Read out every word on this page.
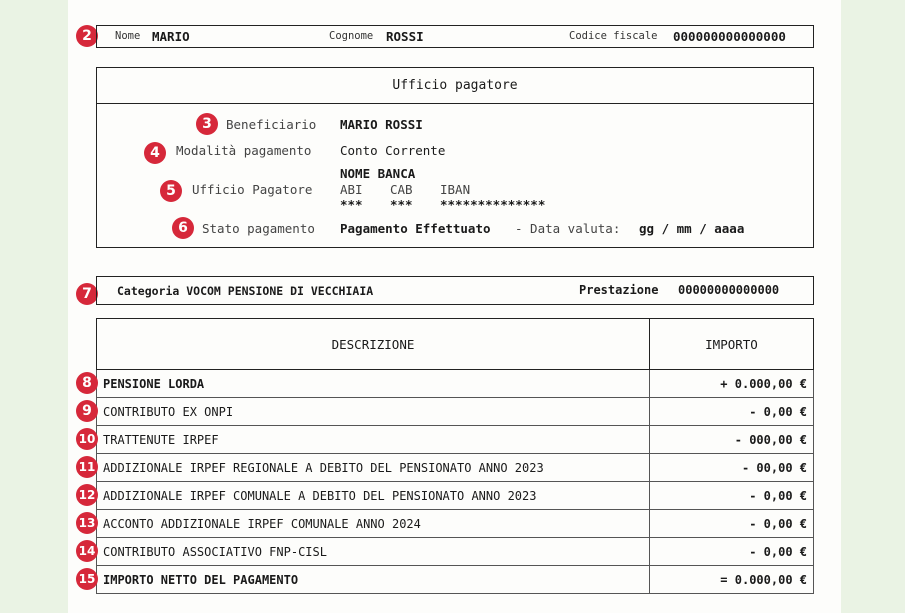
2	Nome MARIO	Cognome ROSSI	Codice fiscale 000000000000000
Ufficio pagatore
3	Beneficiario MARIO ROSSI
4	Modalità pagamento Conto Corrente
5
NOME BANCA
Ufficio Pagatore ABI CAB IBAN
*** *** **************
6	Stato pagamento Pagamento Effettuato - Data valuta: gg / mm / aaaa
7	Categoria VOCOM PENSIONE DI VECCHIAIA	Prestazione 00000000000000
DESCRIZIONE	IMPORTO
PENSIONE LORDA	+ 0.000,00 €
CONTRIBUTO EX ONPI	- 0,00 €
TRATTENUTE IRPEF	- 000,00 €
ADDIZIONALE IRPEF REGIONALE A DEBITO DEL PENSIONATO ANNO 2023	- 00,00 €
ADDIZIONALE IRPEF COMUNALE A DEBITO DEL PENSIONATO ANNO 2023	- 0,00 €
ACCONTO ADDIZIONALE IRPEF COMUNALE ANNO 2024	- 0,00 €
CONTRIBUTO ASSOCIATIVO FNP-CISL	- 0,00 €
IMPORTO NETTO DEL PAGAMENTO	= 0.000,00 €
8
9
10
11
12
13
14
15
